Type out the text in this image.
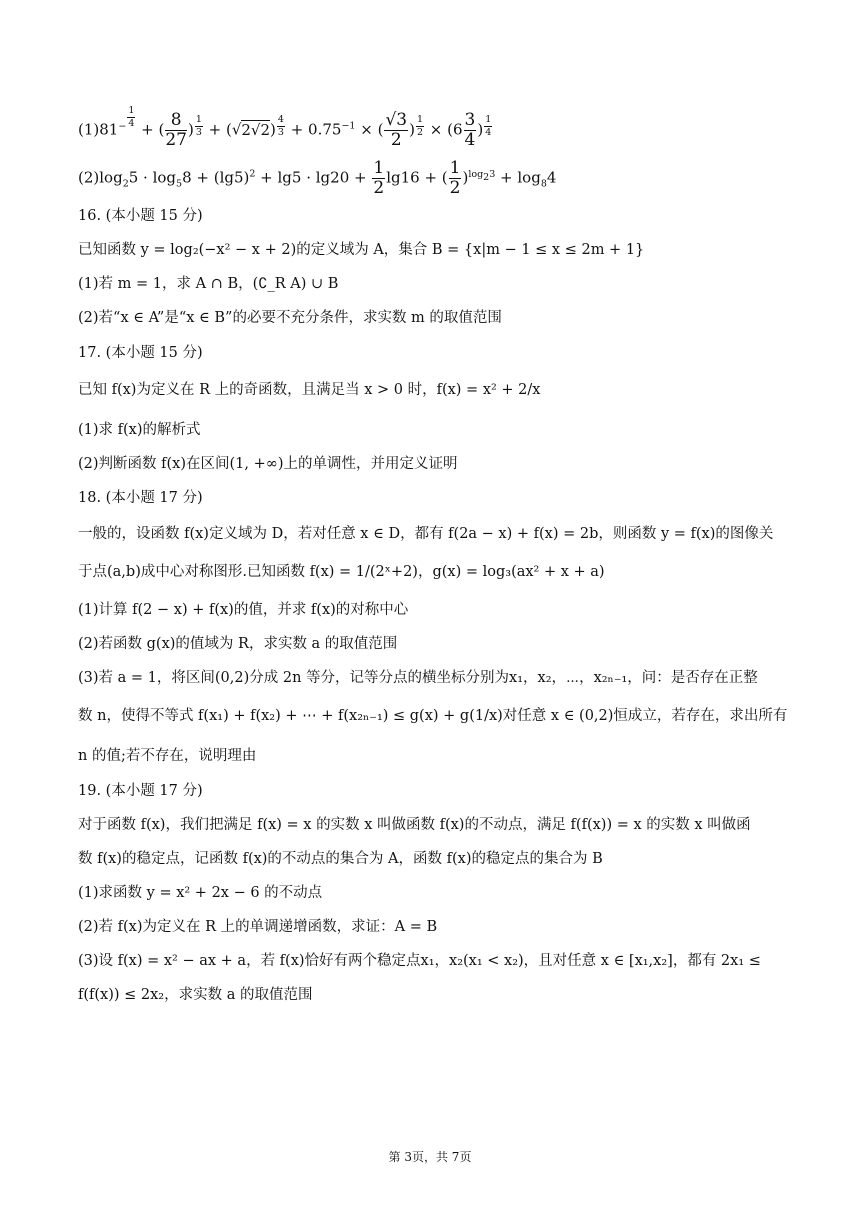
$(1)81^{- \frac{1}{4}}$
+ ( $\frac{8}{27}$ ) $^{\frac{1}{3}}$ + (√2√2) $^{\frac{4}{3}} + 0.75^{-1}$ × ( $\frac{√3}{2}$ ) $^{\frac{1}{2}} \times (6 \frac{3}{4}$ ) $^{\frac{1}{4}}$
$(2)\log_25 \cdot \log_58 + (\lg 5)^2 + \lg 5 \cdot \lg 20 + \frac{1}{2} \lg 16$ + ( $\frac{1}{2} )^{log_23} + \log_84$
16. (本小题 15 分)
已知函数 y = log₂(−x² − x + 2)的定义域为 A，集合 B = {x|m − 1 ≤ x ≤ 2m + 1}
(1)若 m = 1，求 A ∩ B，(∁_R A) ∪ B
(2)若“x ∈ A”是“x ∈ B”的必要不充分条件，求实数 m 的取值范围
17. (本小题 15 分)
已知 f(x)为定义在 R 上的奇函数，且满足当 x > 0 时，f(x) = x² + 2/x
(1)求 f(x)的解析式
(2)判断函数 f(x)在区间(1, +∞)上的单调性，并用定义证明
18. (本小题 17 分)
一般的，设函数 f(x)定义域为 D，若对任意 x ∈ D，都有 f(2a − x) + f(x) = 2b，则函数 y = f(x)的图像关
于点(a,b)成中心对称图形.已知函数 f(x) = 1/(2ˣ+2)，g(x) = log₃(ax² + x + a)
(1)计算 f(2 − x) + f(x)的值，并求 f(x)的对称中心
(2)若函数 g(x)的值域为 R，求实数 a 的取值范围
(3)若 a = 1，将区间(0,2)分成 2n 等分，记等分点的横坐标分别为x₁，x₂，⋯，x₂ₙ₋₁，问：是否存在正整
数 n，使得不等式 f(x₁) + f(x₂) + ⋯ + f(x₂ₙ₋₁) ≤ g(x) + g(1/x)对任意 x ∈ (0,2)恒成立，若存在，求出所有
n 的值;若不存在，说明理由
19. (本小题 17 分)
对于函数 f(x)，我们把满足 f(x) = x 的实数 x 叫做函数 f(x)的不动点，满足 f(f(x)) = x 的实数 x 叫做函
数 f(x)的稳定点，记函数 f(x)的不动点的集合为 A，函数 f(x)的稳定点的集合为 B
(1)求函数 y = x² + 2x − 6 的不动点
(2)若 f(x)为定义在 R 上的单调递增函数，求证：A = B
(3)设 f(x) = x² − ax + a，若 f(x)恰好有两个稳定点x₁，x₂(x₁ < x₂)，且对任意 x ∈ [x₁,x₂]，都有 2x₁ ≤
f(f(x)) ≤ 2x₂，求实数 a 的取值范围
第 3页，共 7页
